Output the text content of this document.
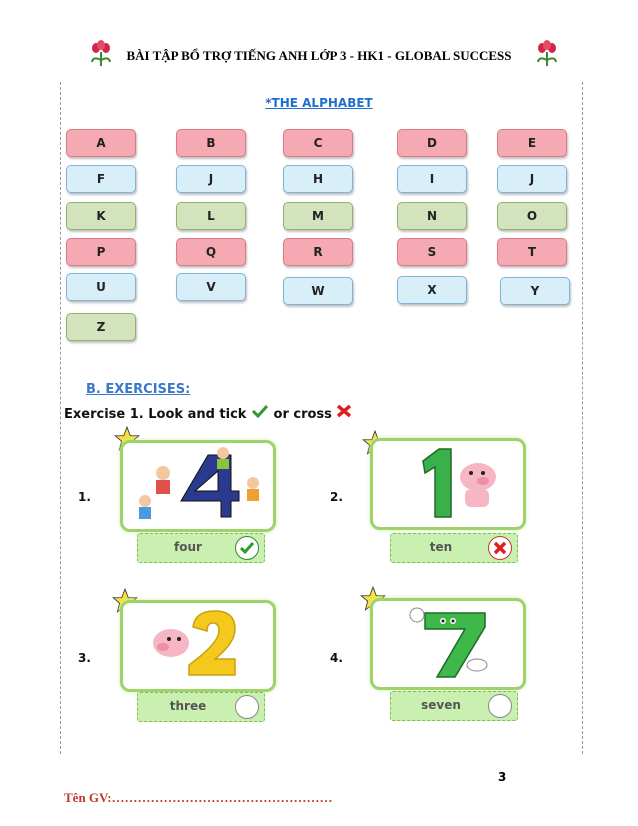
BÀI TẬP BỔ TRỢ TIẾNG ANH LỚP 3 - HK1 - GLOBAL SUCCESS
*THE ALPHABET
A	B	C	D	E
F	J	H	I	J
K	L	M	N	O
P	Q	R	S	T
U	V	W	X	Y
Z
B. EXERCISES:
Exercise 1. Look and tick or cross
1.
four
2.
ten
3.
three
4.
seven
3
Tên GV:……………………………………………
